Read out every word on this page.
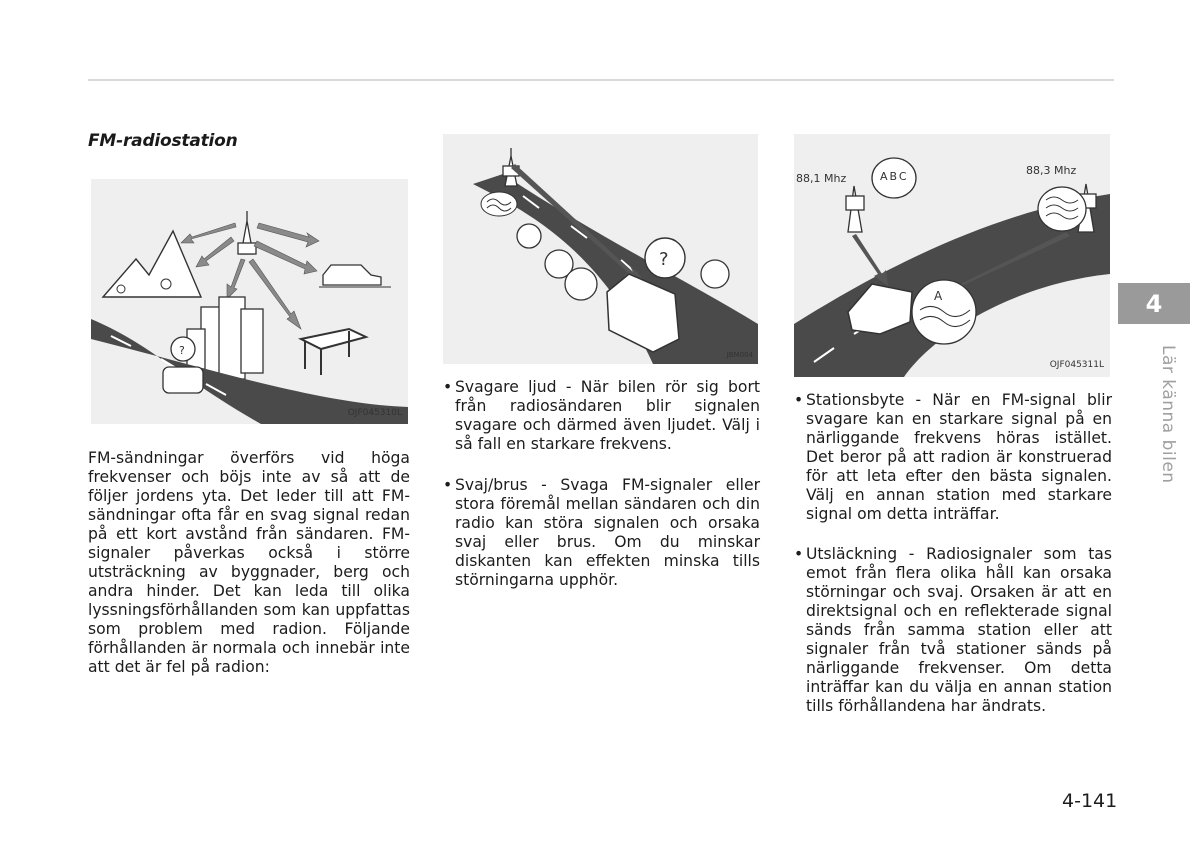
FM-radiostation
?
OJF045310L
?
JBM004
A
88,1 Mhz
88,3 Mhz
ABC
OJF045311L

FM-sändningar överförs vid höga frekvenser och böjs inte av så att de följer jordens yta. Det leder till att FM-sändningar ofta får en svag signal redan på ett kort avstånd från sändaren. FM-signaler påverkas också i större utsträckning av byggnader, berg och andra hinder. Det kan leda till olika lyssningsförhållanden som kan uppfattas som problem med radion. Följande förhållanden är normala och innebär inte att det är fel på radion:

• Svagare ljud - När bilen rör sig bort från radiosändaren blir signalen svagare och därmed även ljudet. Välj i så fall en starkare frekvens.
• Svaj/brus - Svaga FM-signaler eller stora föremål mellan sändaren och din radio kan störa signalen och orsaka svaj eller brus. Om du minskar diskanten kan effekten minska tills störningarna upphör.
• Stationsbyte - När en FM-signal blir svagare kan en starkare signal på en närliggande frekvens höras istället. Det beror på att radion är konstruerad för att leta efter den bästa signalen. Välj en annan station med starkare signal om detta inträffar.
• Utsläckning - Radiosignaler som tas emot från flera olika håll kan orsaka störningar och svaj. Orsaken är att en direktsignal och en reflekterade signal sänds från samma station eller att signaler från två stationer sänds på närliggande frekvenser. Om detta inträffar kan du välja en annan station tills förhållandena har ändrats.
4
Lär känna bilen
4-141
